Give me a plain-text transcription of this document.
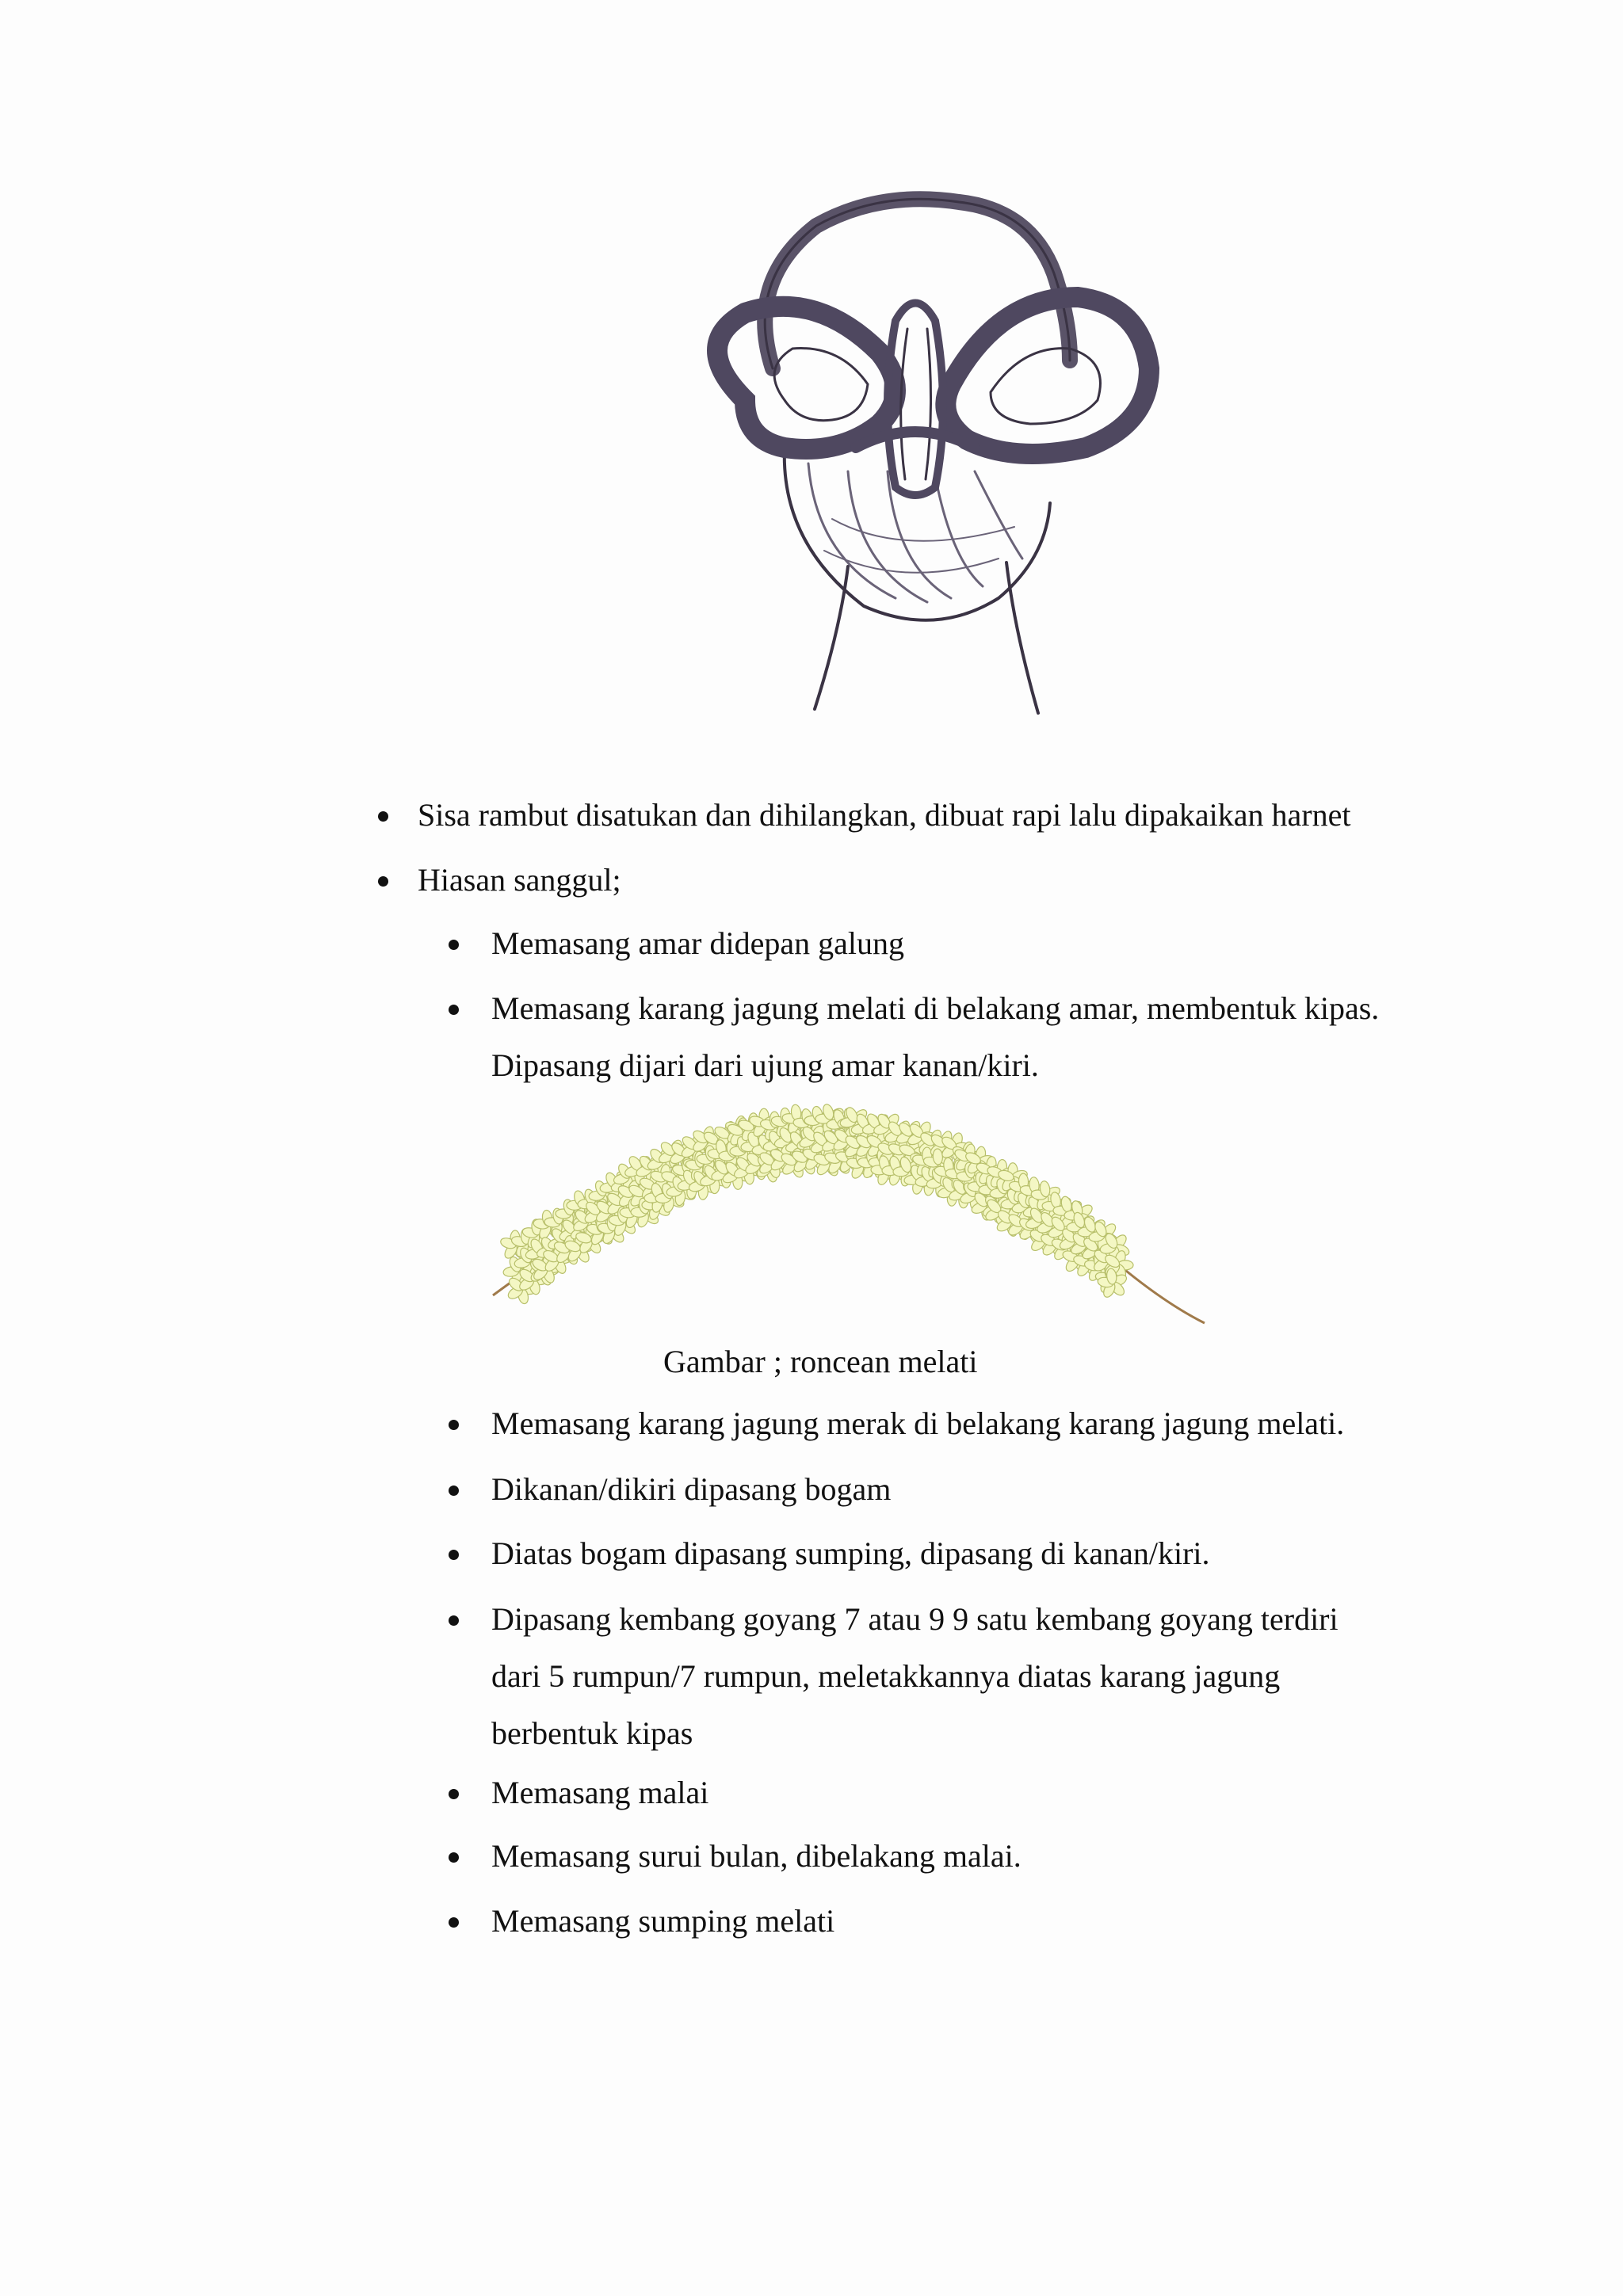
Sisa rambut disatukan dan dihilangkan, dibuat rapi lalu dipakaikan harnet
Hiasan sanggul;
Memasang amar didepan galung
Memasang karang jagung melati di belakang amar, membentuk kipas.
Dipasang dijari dari ujung amar kanan/kiri.
Gambar ; roncean melati
Memasang karang jagung merak di belakang karang jagung melati.
Dikanan/dikiri dipasang bogam
Diatas bogam dipasang sumping, dipasang di kanan/kiri.
Dipasang kembang goyang 7 atau 9 9 satu kembang goyang terdiri
dari 5 rumpun/7 rumpun, meletakkannya diatas karang jagung
berbentuk kipas
Memasang malai
Memasang surui bulan, dibelakang malai.
Memasang sumping melati
